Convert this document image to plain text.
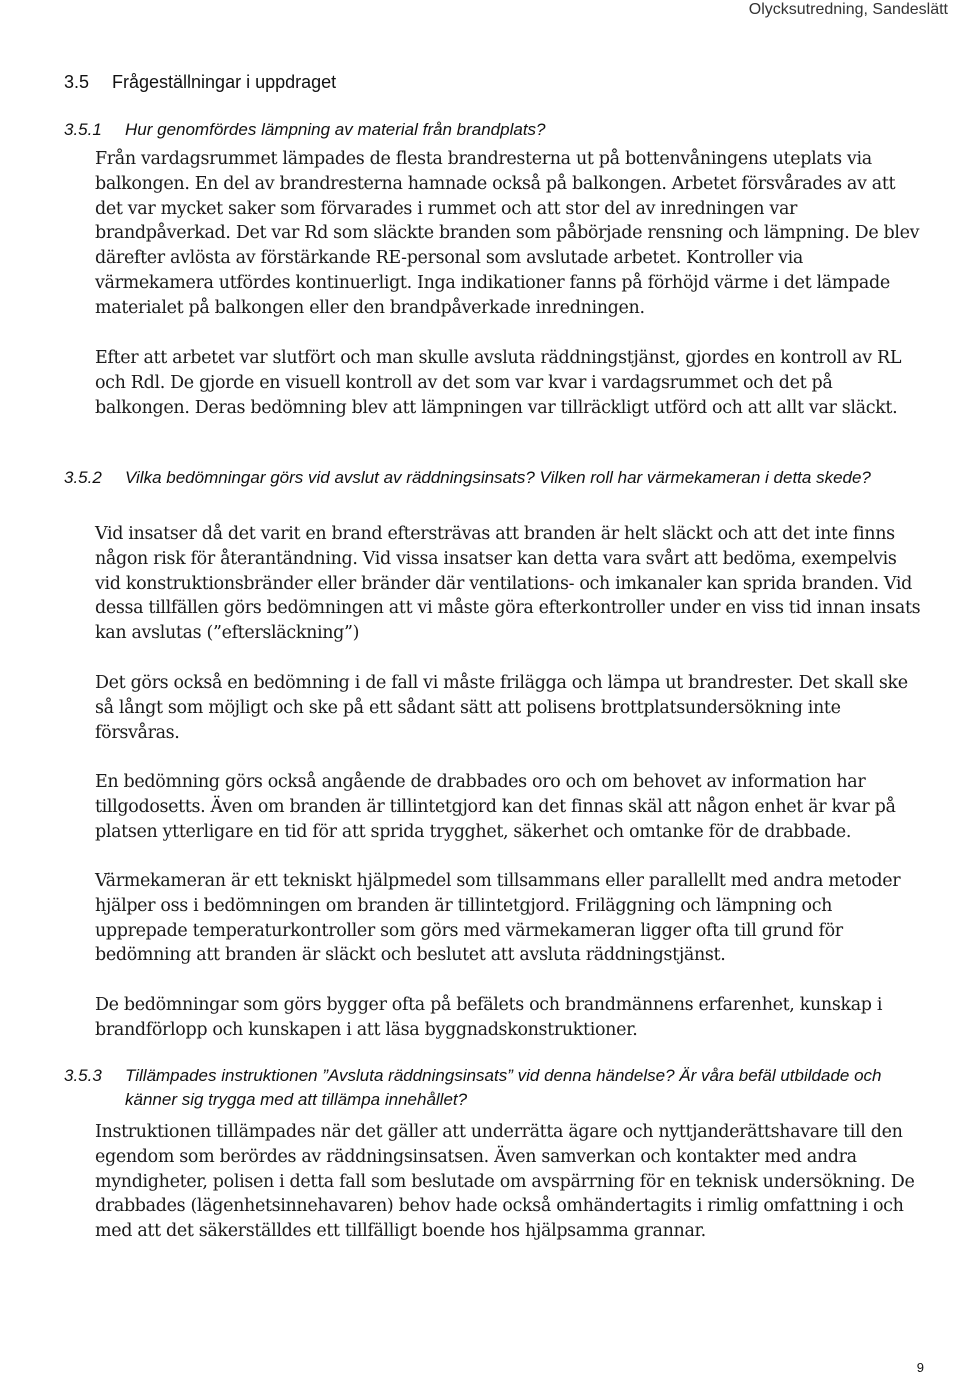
Olycksutredning, Sandeslätt
3.5 Frågeställningar i uppdraget
3.5.1	Hur genomfördes lämpning av material från brandplats?

Från vardagsrummet lämpades de flesta brandresterna ut på bottenvåningens uteplats via balkongen. En del av brandresterna hamnade också på balkongen. Arbetet försvårades av att det var mycket saker som förvarades i rummet och att stor del av inredningen var brandpåverkad. Det var Rd som släckte branden som påbörjade rensning och lämpning. De blev därefter avlösta av förstärkande RE-personal som avslutade arbetet. Kontroller via värmekamera utfördes kontinuerligt. Inga indikationer fanns på förhöjd värme i det lämpade materialet på balkongen eller den brandpåverkade inredningen.

Efter att arbetet var slutfört och man skulle avsluta räddningstjänst, gjordes en kontroll av RL och Rdl. De gjorde en visuell kontroll av det som var kvar i vardagsrummet och det på balkongen. Deras bedömning blev att lämpningen var tillräckligt utförd och att allt var släckt.

3.5.2	Vilka bedömningar görs vid avslut av räddningsinsats? Vilken roll har värmekameran i detta skede?

Vid insatser då det varit en brand eftersträvas att branden är helt släckt och att det inte finns någon risk för återantändning. Vid vissa insatser kan detta vara svårt att bedöma, exempelvis vid konstruktionsbränder eller bränder där ventilations- och imkanaler kan sprida branden. Vid dessa tillfällen görs bedömningen att vi måste göra efterkontroller under en viss tid innan insats kan avslutas (”eftersläckning”)

Det görs också en bedömning i de fall vi måste frilägga och lämpa ut brandrester. Det skall ske så långt som möjligt och ske på ett sådant sätt att polisens brottplatsundersökning inte försvåras.

En bedömning görs också angående de drabbades oro och om behovet av information har tillgodosetts. Även om branden är tillintetgjord kan det finnas skäl att någon enhet är kvar på platsen ytterligare en tid för att sprida trygghet, säkerhet och omtanke för de drabbade.

Värmekameran är ett tekniskt hjälpmedel som tillsammans eller parallellt med andra metoder hjälper oss i bedömningen om branden är tillintetgjord. Friläggning och lämpning och upprepade temperaturkontroller som görs med värmekameran ligger ofta till grund för bedömning att branden är släckt och beslutet att avsluta räddningstjänst.

De bedömningar som görs bygger ofta på befälets och brandmännens erfarenhet, kunskap i brandförlopp och kunskapen i att läsa byggnadskonstruktioner.

3.5.3	Tillämpades instruktionen ”Avsluta räddningsinsats” vid denna händelse? Är våra befäl utbildade och känner sig trygga med att tillämpa innehållet?

Instruktionen tillämpades när det gäller att underrätta ägare och nyttjanderättshavare till den egendom som berördes av räddningsinsatsen. Även samverkan och kontakter med andra myndigheter, polisen i detta fall som beslutade om avspärrning för en teknisk undersökning. De drabbades (lägenhetsinnehavaren) behov hade också omhändertagits i rimlig omfattning i och med att det säkerställdes ett tillfälligt boende hos hjälpsamma grannar.

9
